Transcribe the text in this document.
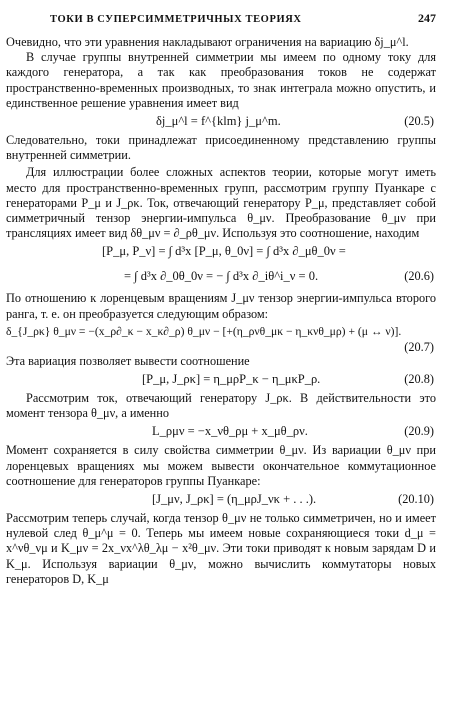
ТОКИ В СУПЕРСИММЕТРИЧНЫХ ТЕОРИЯХ	247

Очевидно, что эти уравнения накладывают ограничения на вариацию δj_μ^l.

В случае группы внутренней симметрии мы имеем по одному току для каждого генератора, а так как преобразования токов не содержат пространственно-временных производных, то знак интеграла можно опустить, и единственное решение уравнения имеет вид

δj_μ^l = f^{klm} j_μ^m.	(20.5)

Следовательно, токи принадлежат присоединенному представлению группы внутренней симметрии.

Для иллюстрации более сложных аспектов теории, которые могут иметь место для пространственно-временных групп, рассмотрим группу Пуанкаре с генераторами P_μ и J_ρκ. Ток, отвечающий генератору P_μ, представляет собой симметричный тензор энергии-импульса θ_μν. Преобразование θ_μν при трансляциях имеет вид δθ_μν = ∂_ρθ_μν. Используя это соотношение, находим

[P_μ, P_ν] = ∫ d³x [P_μ, θ_0ν] = ∫ d³x ∂_μθ_0ν =
= ∫ d³x ∂_0θ_0ν = − ∫ d³x ∂_iθ^i_ν = 0.	(20.6)

По отношению к лоренцевым вращениям J_μν тензор энергии-импульса второго ранга, т. е. он преобразуется следующим образом:

δ_{J_ρκ} θ_μν = −(x_ρ∂_κ − x_κ∂_ρ) θ_μν − [+(η_ρνθ_μκ − η_κνθ_μρ) + (μ ↔ ν)].
(20.7)

Эта вариация позволяет вывести соотношение

[P_μ, J_ρκ] = η_μρP_κ − η_μκP_ρ.	(20.8)

Рассмотрим ток, отвечающий генератору J_ρκ. В действительности это момент тензора θ_μν, а именно

L_ρμν = −x_νθ_ρμ + x_μθ_ρν.	(20.9)

Момент сохраняется в силу свойства симметрии θ_μν. Из вариации θ_μν при лоренцевых вращениях мы можем вывести окончательное коммутационное соотношение для генераторов группы Пуанкаре:

[J_μν, J_ρκ] = (η_μρJ_νκ + . . .).	(20.10)

Рассмотрим теперь случай, когда тензор θ_μν не только симметричен, но и имеет нулевой след θ_μ^μ = 0. Теперь мы имеем новые сохраняющиеся токи d_μ = x^νθ_νμ и K_μν = 2x_νx^λθ_λμ − x²θ_μν. Эти токи приводят к новым зарядам D и K_μ. Используя вариации θ_μν, можно вычислить коммутаторы новых генераторов D, K_μ
